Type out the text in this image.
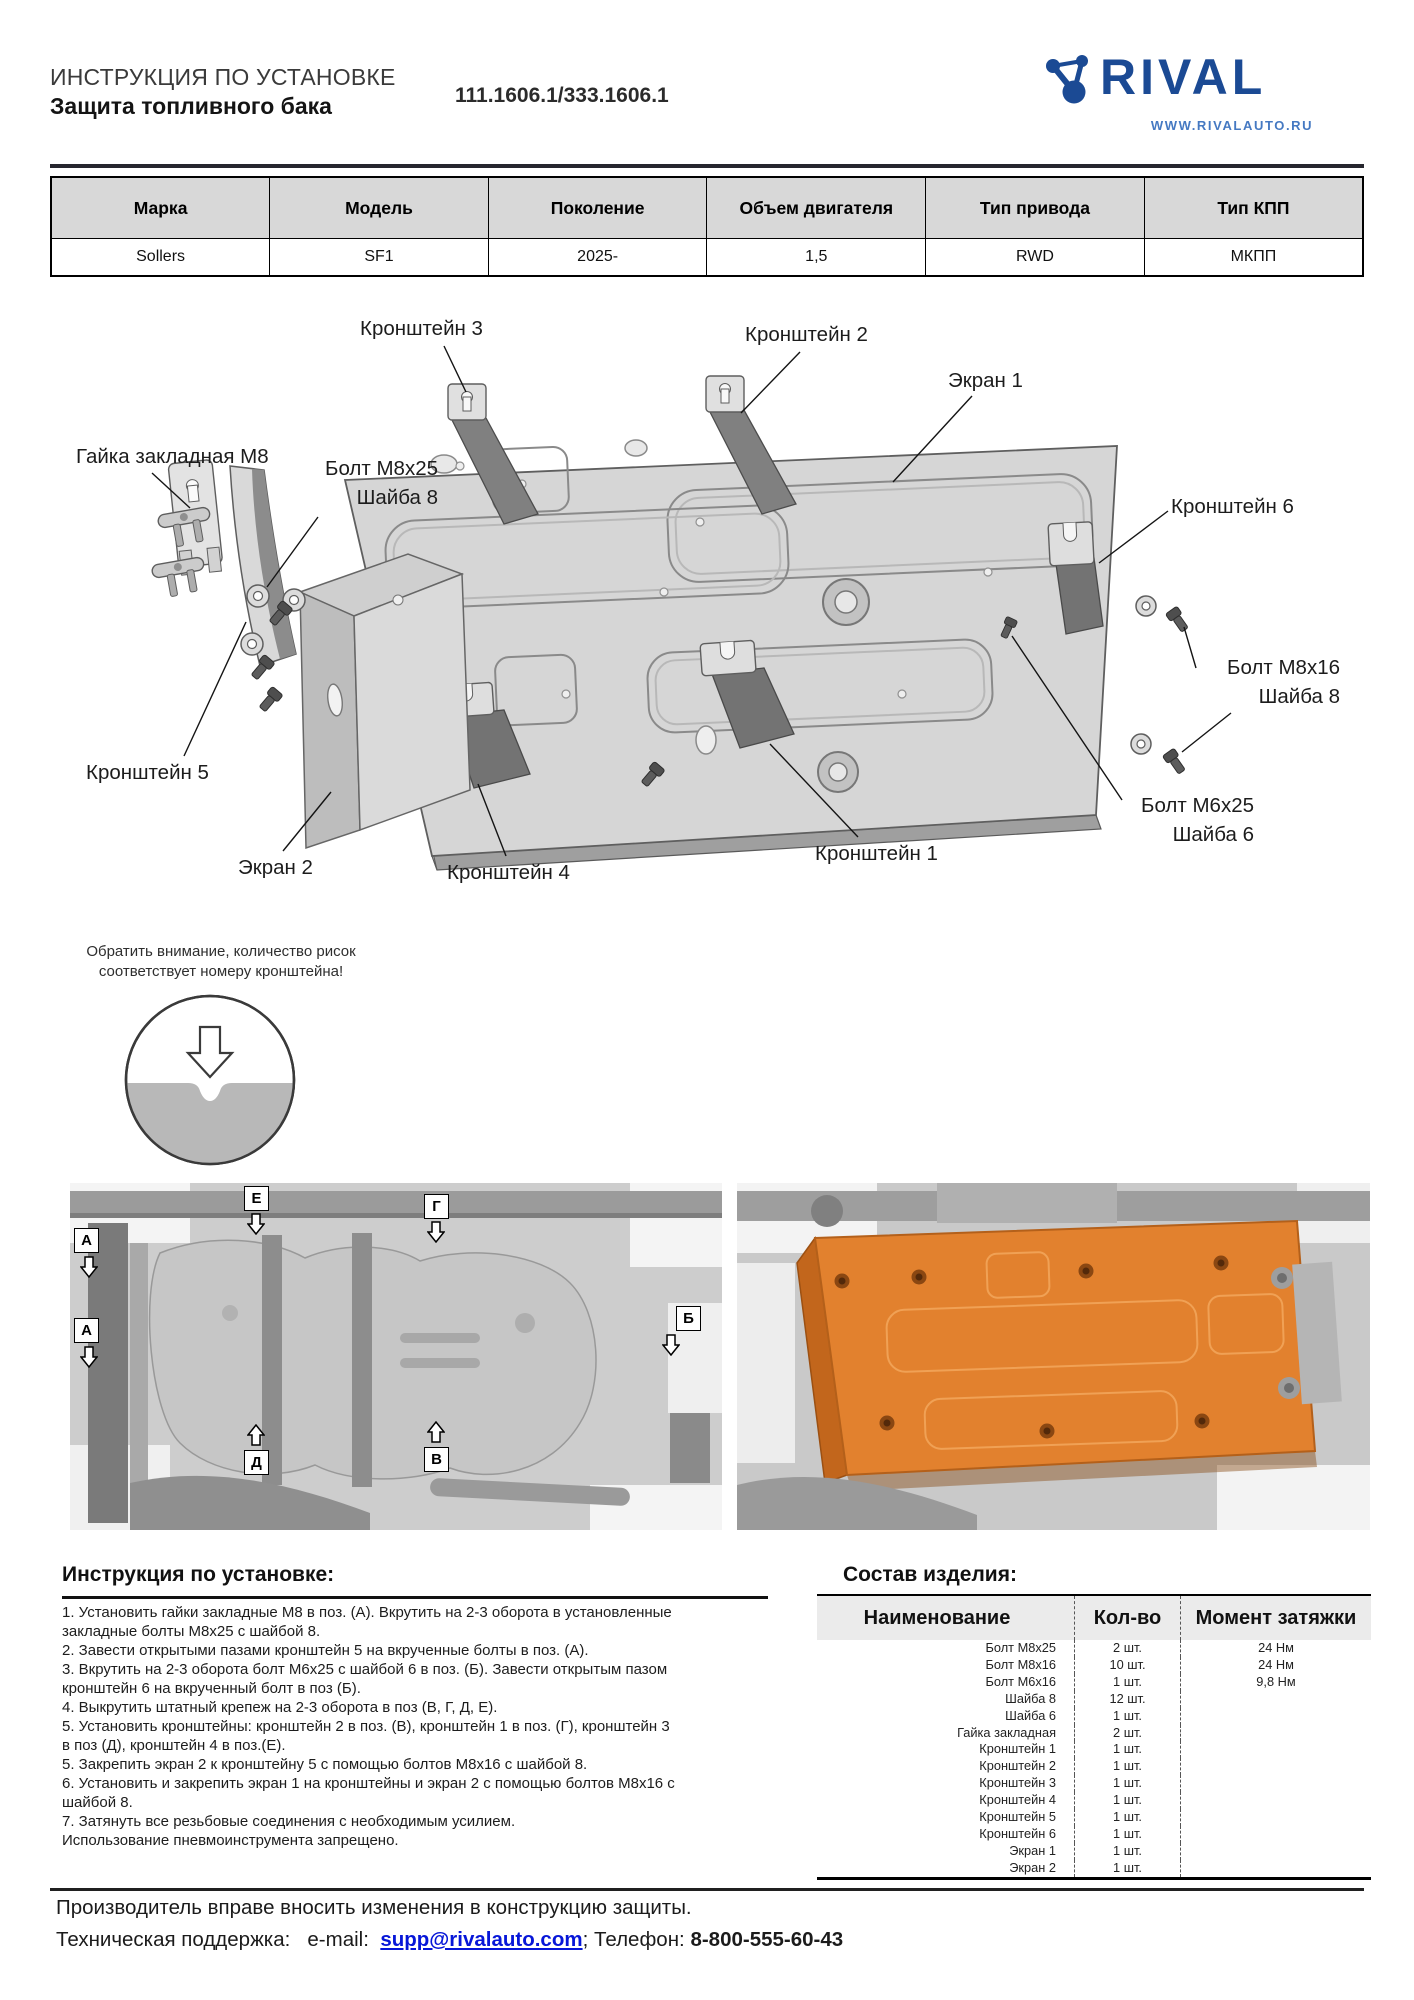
ИНСТРУКЦИЯ ПО УСТАНОВКЕ
Защита топливного бака	111.1606.1/333.1606.1	RIVAL
WWW.RIVALAUTO.RU
Марка	Модель	Поколение	Объем двигателя	Тип привода	Тип КПП
Sollers	SF1	2025-	1,5	RWD	МКПП
Кронштейн 3	Кронштейн 2
Экран 1
Гайка закладная М8
Болт М8х25
Шайба 8	Кронштейн 6
Болт М8х16
Шайба 8
Болт М6х25
Шайба 6
Кронштейн 5
Экран 2	Кронштейн 4
Кронштейн 1
Обратить внимание, количество рисок
соответствует номеру кронштейна!
А
А
Е	Г
Б
Д	В
Инструкция по установке:
1. Установить гайки закладные М8 в поз. (А). Вкрутить на 2-3 оборота в установленные закладные болты М8х25 с шайбой 8.
2. Завести открытыми пазами кронштейн 5 на вкрученные болты в поз. (А).
3. Вкрутить на 2-3 оборота болт М6х25 с шайбой 6 в поз. (Б). Завести открытым пазом кронштейн 6 на вкрученный болт в поз (Б).
4. Выкрутить штатный крепеж на 2-3 оборота в поз (В, Г, Д, Е).
5. Установить кронштейны: кронштейн 2 в поз. (В), кронштейн 1 в поз. (Г), кронштейн 3 в поз (Д), кронштейн 4 в поз.(Е).
5. Закрепить экран 2 к кронштейну 5 с помощью болтов М8х16 с шайбой 8.
6. Установить и закрепить экран 1 на кронштейны и экран 2 с помощью болтов М8х16 с шайбой 8.
7. Затянуть все резьбовые соединения с необходимым усилием.
Использование пневмоинструмента запрещено.
Состав изделия:
Наименование	Кол-во	Момент затяжки
Болт М8х25	2 шт.	24 Нм
Болт М8х16	10 шт.	24 Нм
Болт М6х16	1 шт.	9,8 Нм
Шайба 8	12 шт.	
Шайба 6	1 шт.	
Гайка закладная	2 шт.	
Кронштейн 1	1 шт.	
Кронштейн 2	1 шт.	
Кронштейн 3	1 шт.	
Кронштейн 4	1 шт.	
Кронштейн 5	1 шт.	
Кронштейн 6	1 шт.	
Экран 1	1 шт.	
Экран 2	1 шт.	
Производитель вправе вносить изменения в конструкцию защиты.
Техническая поддержка: e-mail: supp@rivalauto.com; Телефон: 8-800-555-60-43
